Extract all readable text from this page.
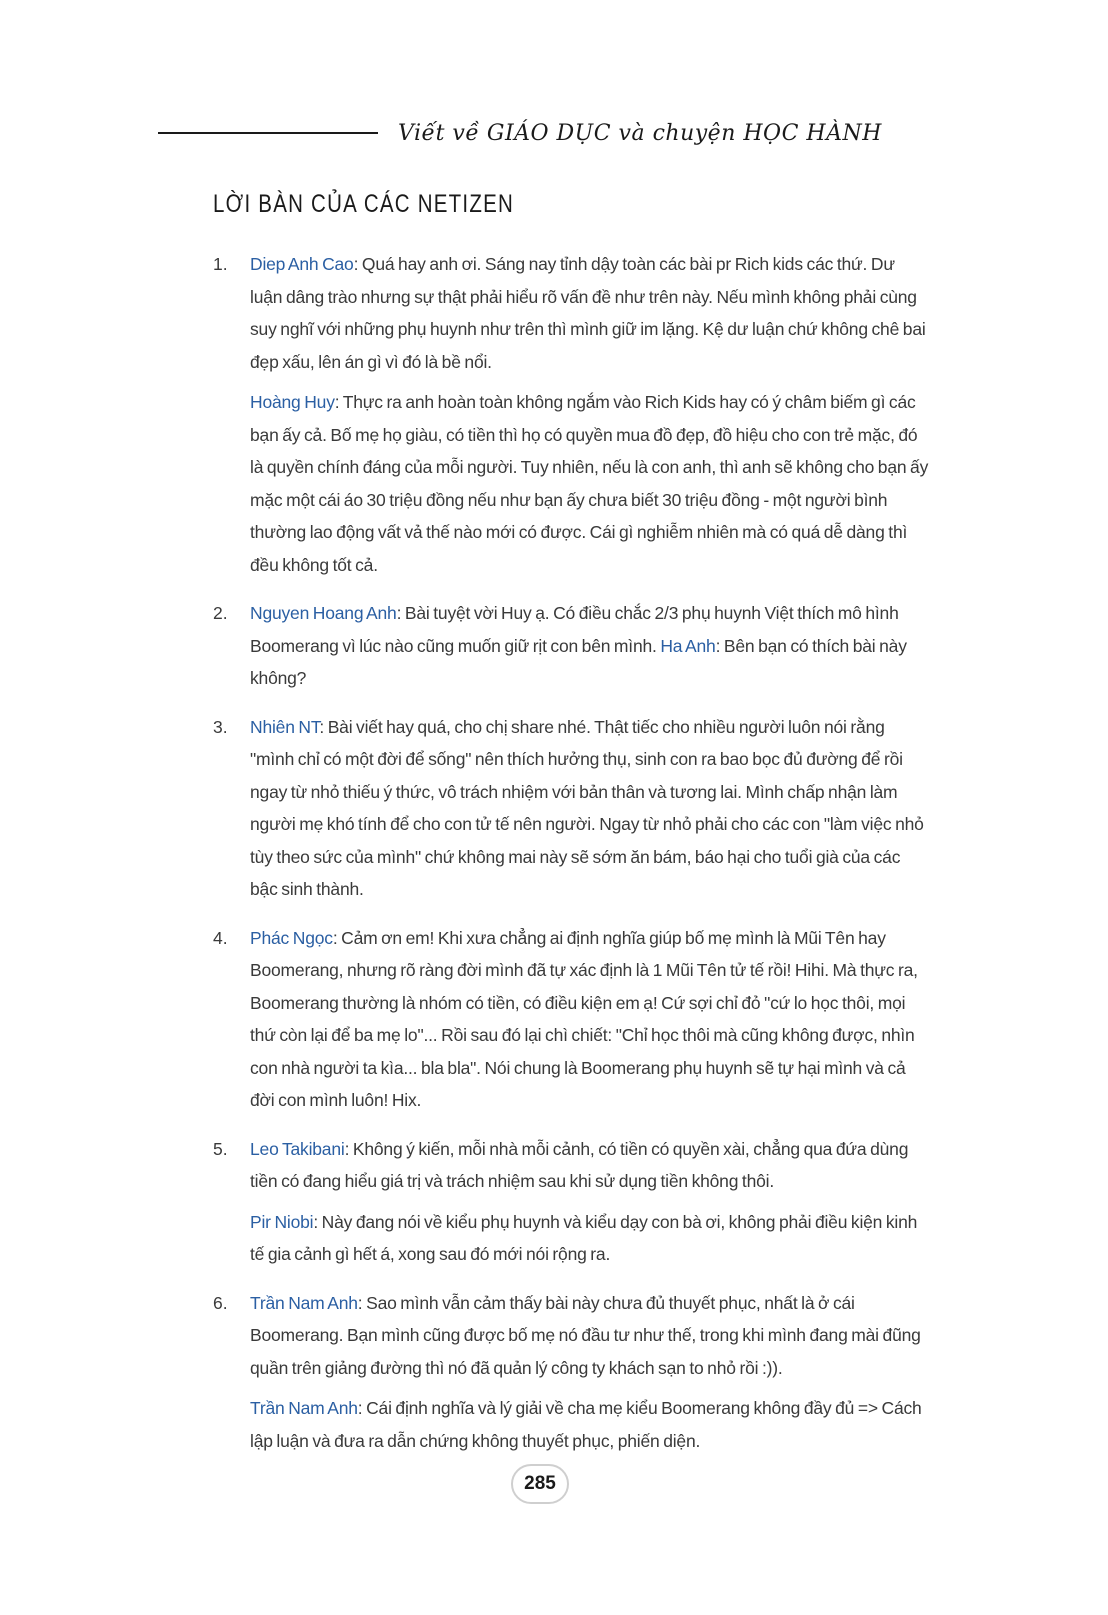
Viết về GIÁO DỤC và chuyện HỌC HÀNH
LỜI BÀN CỦA CÁC NETIZEN
1.	Diep Anh Cao: Quá hay anh ơi. Sáng nay tỉnh dậy toàn các bài pr Rich kids các thứ. Dư luận dâng trào nhưng sự thật phải hiểu rõ vấn đề như trên này. Nếu mình không phải cùng suy nghĩ với những phụ huynh như trên thì mình giữ im lặng. Kệ dư luận chứ không chê bai đẹp xấu, lên án gì vì đó là bề nổi.

Hoàng Huy: Thực ra anh hoàn toàn không ngắm vào Rich Kids hay có ý châm biếm gì các bạn ấy cả. Bố mẹ họ giàu, có tiền thì họ có quyền mua đồ đẹp, đồ hiệu cho con trẻ mặc, đó là quyền chính đáng của mỗi người. Tuy nhiên, nếu là con anh, thì anh sẽ không cho bạn ấy mặc một cái áo 30 triệu đồng nếu như bạn ấy chưa biết 30 triệu đồng - một người bình thường lao động vất vả thế nào mới có được. Cái gì nghiễm nhiên mà có quá dễ dàng thì đều không tốt cả.

2.	Nguyen Hoang Anh: Bài tuyệt vời Huy ạ. Có điều chắc 2/3 phụ huynh Việt thích mô hình Boomerang vì lúc nào cũng muốn giữ rịt con bên mình. Ha Anh: Bên bạn có thích bài này không?

3.	Nhiên NT: Bài viết hay quá, cho chị share nhé. Thật tiếc cho nhiều người luôn nói rằng "mình chỉ có một đời để sống" nên thích hưởng thụ, sinh con ra bao bọc đủ đường để rồi ngay từ nhỏ thiếu ý thức, vô trách nhiệm với bản thân và tương lai. Mình chấp nhận làm người mẹ khó tính để cho con tử tế nên người. Ngay từ nhỏ phải cho các con "làm việc nhỏ tùy theo sức của mình" chứ không mai này sẽ sớm ăn bám, báo hại cho tuổi già của các bậc sinh thành.

4.	Phác Ngọc: Cảm ơn em! Khi xưa chẳng ai định nghĩa giúp bố mẹ mình là Mũi Tên hay Boomerang, nhưng rõ ràng đời mình đã tự xác định là 1 Mũi Tên tử tế rồi! Hihi. Mà thực ra, Boomerang thường là nhóm có tiền, có điều kiện em ạ! Cứ sợi chỉ đỏ "cứ lo học thôi, mọi thứ còn lại để ba mẹ lo"... Rồi sau đó lại chì chiết: "Chỉ học thôi mà cũng không được, nhìn con nhà người ta kìa... bla bla". Nói chung là Boomerang phụ huynh sẽ tự hại mình và cả đời con mình luôn! Hix.

5.	Leo Takibani: Không ý kiến, mỗi nhà mỗi cảnh, có tiền có quyền xài, chẳng qua đứa dùng tiền có đang hiểu giá trị và trách nhiệm sau khi sử dụng tiền không thôi.

Pir Niobi: Này đang nói về kiểu phụ huynh và kiểu dạy con bà ơi, không phải điều kiện kinh tế gia cảnh gì hết á, xong sau đó mới nói rộng ra.

6.	Trần Nam Anh: Sao mình vẫn cảm thấy bài này chưa đủ thuyết phục, nhất là ở cái Boomerang. Bạn mình cũng được bố mẹ nó đầu tư như thế, trong khi mình đang mài đũng quần trên giảng đường thì nó đã quản lý công ty khách sạn to nhỏ rồi :)).

Trần Nam Anh: Cái định nghĩa và lý giải về cha mẹ kiểu Boomerang không đầy đủ => Cách lập luận và đưa ra dẫn chứng không thuyết phục, phiến diện.

285
